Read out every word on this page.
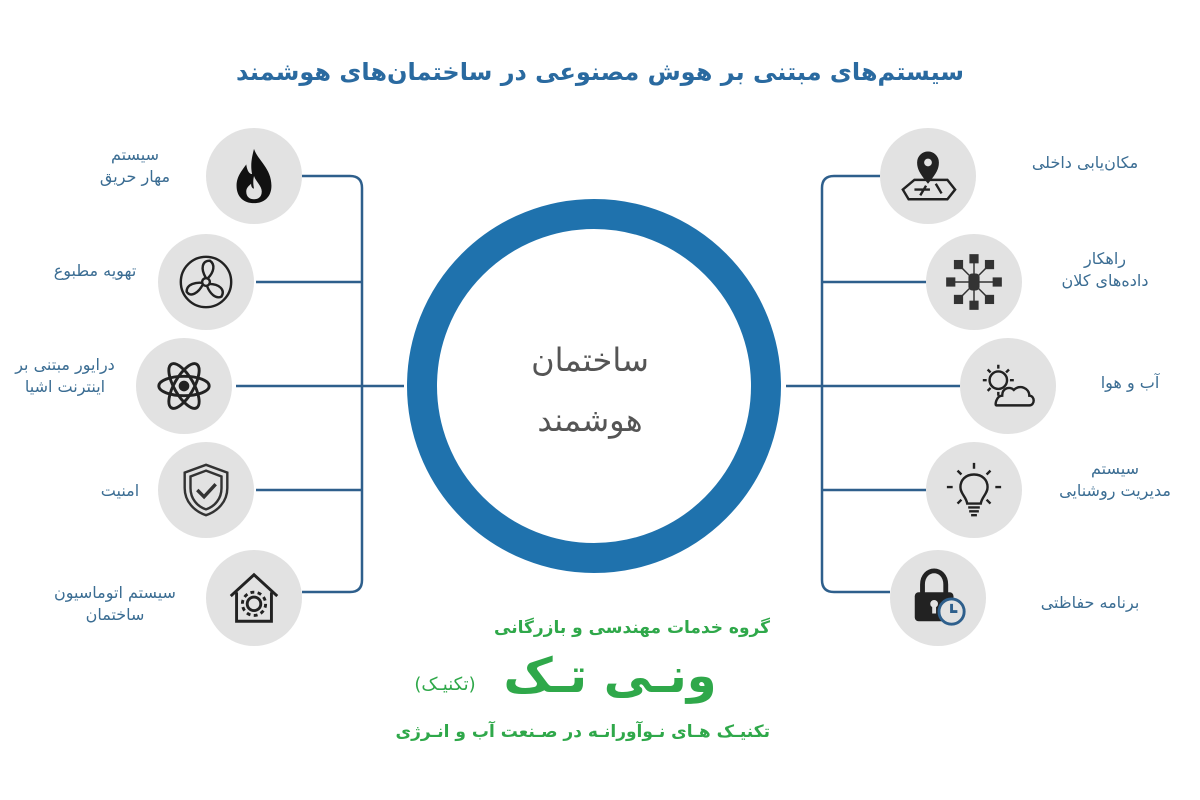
سیستم‌های مبتنی بر هوش مصنوعی در ساختمان‌های هوشمند
ساختمان
هوشمند
سیستم
مهار حریق
تهویه مطبوع
درایور مبتنی بر
اینترنت اشیا
امنیت
سیستم اتوماسیون
ساختمان
مکان‌یابی داخلی
راهکار
داده‌های کلان
آب و هوا
سیستم
مدیریت روشنایی
برنامه حفاظتی
گروه خدمات مهندسی و بازرگانی
ونـی تـک
(تکنیـک)
تکنیـک هـای نـوآورانـه در صـنعت آب و انـرژی
